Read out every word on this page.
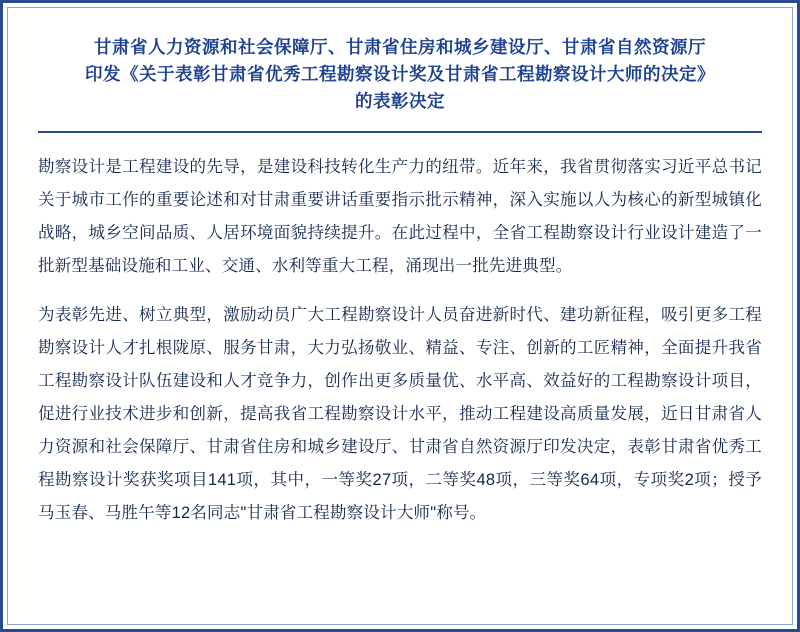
甘肃省人力资源和社会保障厅、甘肃省住房和城乡建设厅、甘肃省自然资源厅
印发《关于表彰甘肃省优秀工程勘察设计奖及甘肃省工程勘察设计大师的决定》
的表彰决定

勘察设计是工程建设的先导，是建设科技转化生产力的纽带。近年来，我省贯彻落实习近平总书记关于城市工作的重要论述和对甘肃重要讲话重要指示批示精神，深入实施以人为核心的新型城镇化战略，城乡空间品质、人居环境面貌持续提升。在此过程中，全省工程勘察设计行业设计建造了一批新型基础设施和工业、交通、水利等重大工程，涌现出一批先进典型。

为表彰先进、树立典型，激励动员广大工程勘察设计人员奋进新时代、建功新征程，吸引更多工程勘察设计人才扎根陇原、服务甘肃，大力弘扬敬业、精益、专注、创新的工匠精神，全面提升我省工程勘察设计队伍建设和人才竞争力，创作出更多质量优、水平高、效益好的工程勘察设计项目，促进行业技术进步和创新，提高我省工程勘察设计水平，推动工程建设高质量发展，近日甘肃省人力资源和社会保障厅、甘肃省住房和城乡建设厅、甘肃省自然资源厅印发决定，表彰甘肃省优秀工程勘察设计奖获奖项目141项，其中，一等奖27项，二等奖48项，三等奖64项，专项奖2项；授予马玉春、马胜午等12名同志"甘肃省工程勘察设计大师"称号。
